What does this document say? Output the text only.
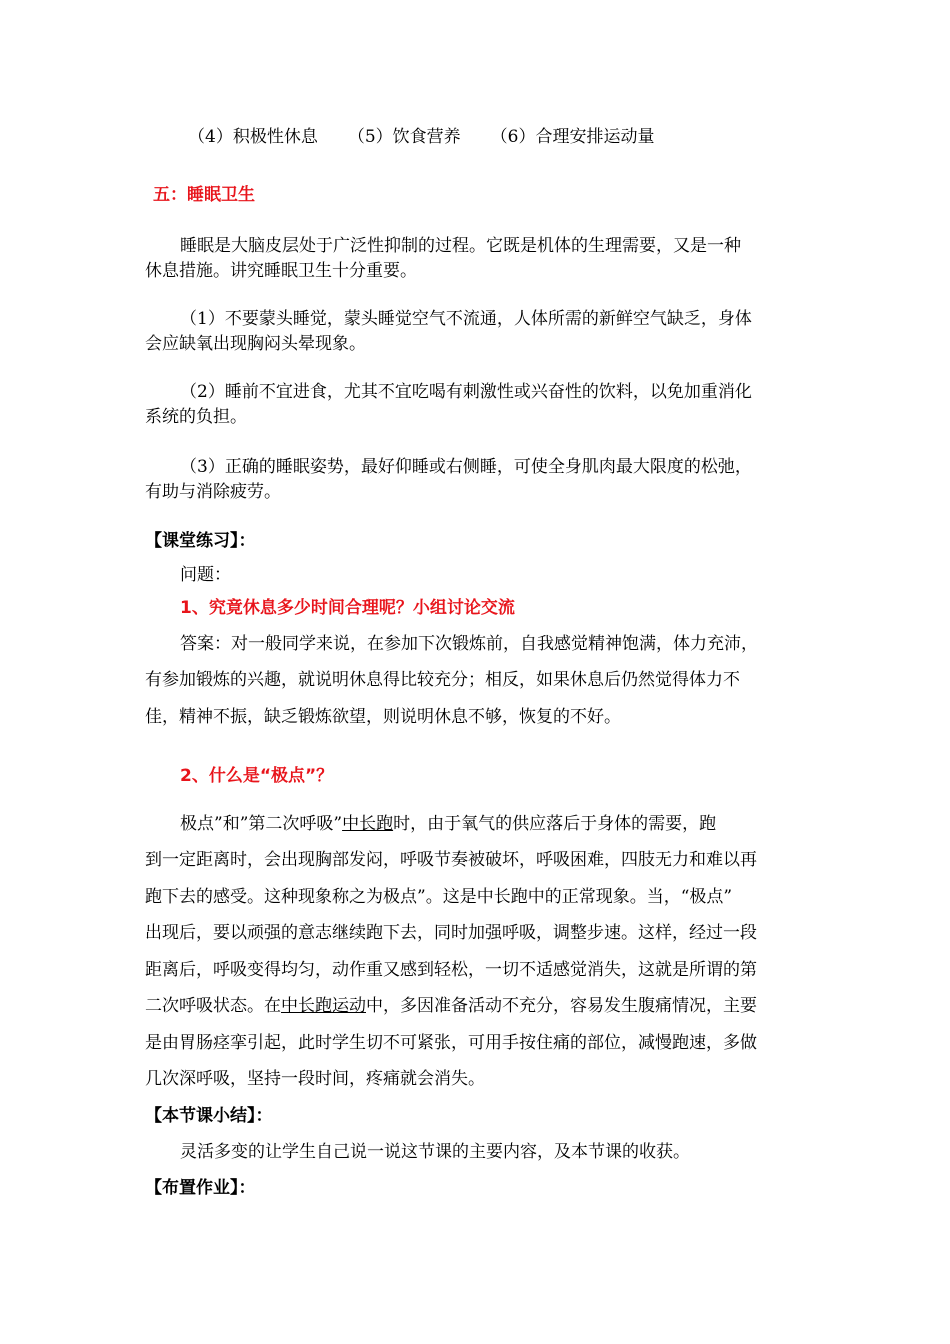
（4）积极性休息 （5）饮食营养 （6）合理安排运动量
五：睡眠卫生
睡眠是大脑皮层处于广泛性抑制的过程。它既是机体的生理需要，又是一种
休息措施。讲究睡眠卫生十分重要。
（1）不要蒙头睡觉，蒙头睡觉空气不流通，人体所需的新鲜空气缺乏，身体
会应缺氧出现胸闷头晕现象。
（2）睡前不宜进食，尤其不宜吃喝有刺激性或兴奋性的饮料，以免加重消化
系统的负担。
（3）正确的睡眠姿势，最好仰睡或右侧睡，可使全身肌肉最大限度的松弛，
有助与消除疲劳。
【课堂练习】：
问题：
1、究竟休息多少时间合理呢？小组讨论交流
答案：对一般同学来说，在参加下次锻炼前，自我感觉精神饱满，体力充沛，
有参加锻炼的兴趣，就说明休息得比较充分；相反，如果休息后仍然觉得体力不
佳，精神不振，缺乏锻炼欲望，则说明休息不够，恢复的不好。
2、什么是“极点”？
极点”和”第二次呼吸”中长跑时，由于氧气的供应落后于身体的需要，跑
到一定距离时，会出现胸部发闷，呼吸节奏被破坏，呼吸困难，四肢无力和难以再
跑下去的感受。这种现象称之为极点”。这是中长跑中的正常现象。当，“极点”
出现后，要以顽强的意志继续跑下去，同时加强呼吸，调整步速。这样，经过一段
距离后，呼吸变得均匀，动作重又感到轻松，一切不适感觉消失，这就是所谓的第
二次呼吸状态。在中长跑运动中，多因准备活动不充分，容易发生腹痛情况，主要
是由胃肠痉挛引起，此时学生切不可紧张，可用手按住痛的部位，减慢跑速，多做
几次深呼吸，坚持一段时间，疼痛就会消失。
【本节课小结】：
灵活多变的让学生自己说一说这节课的主要内容，及本节课的收获。
【布置作业】：
